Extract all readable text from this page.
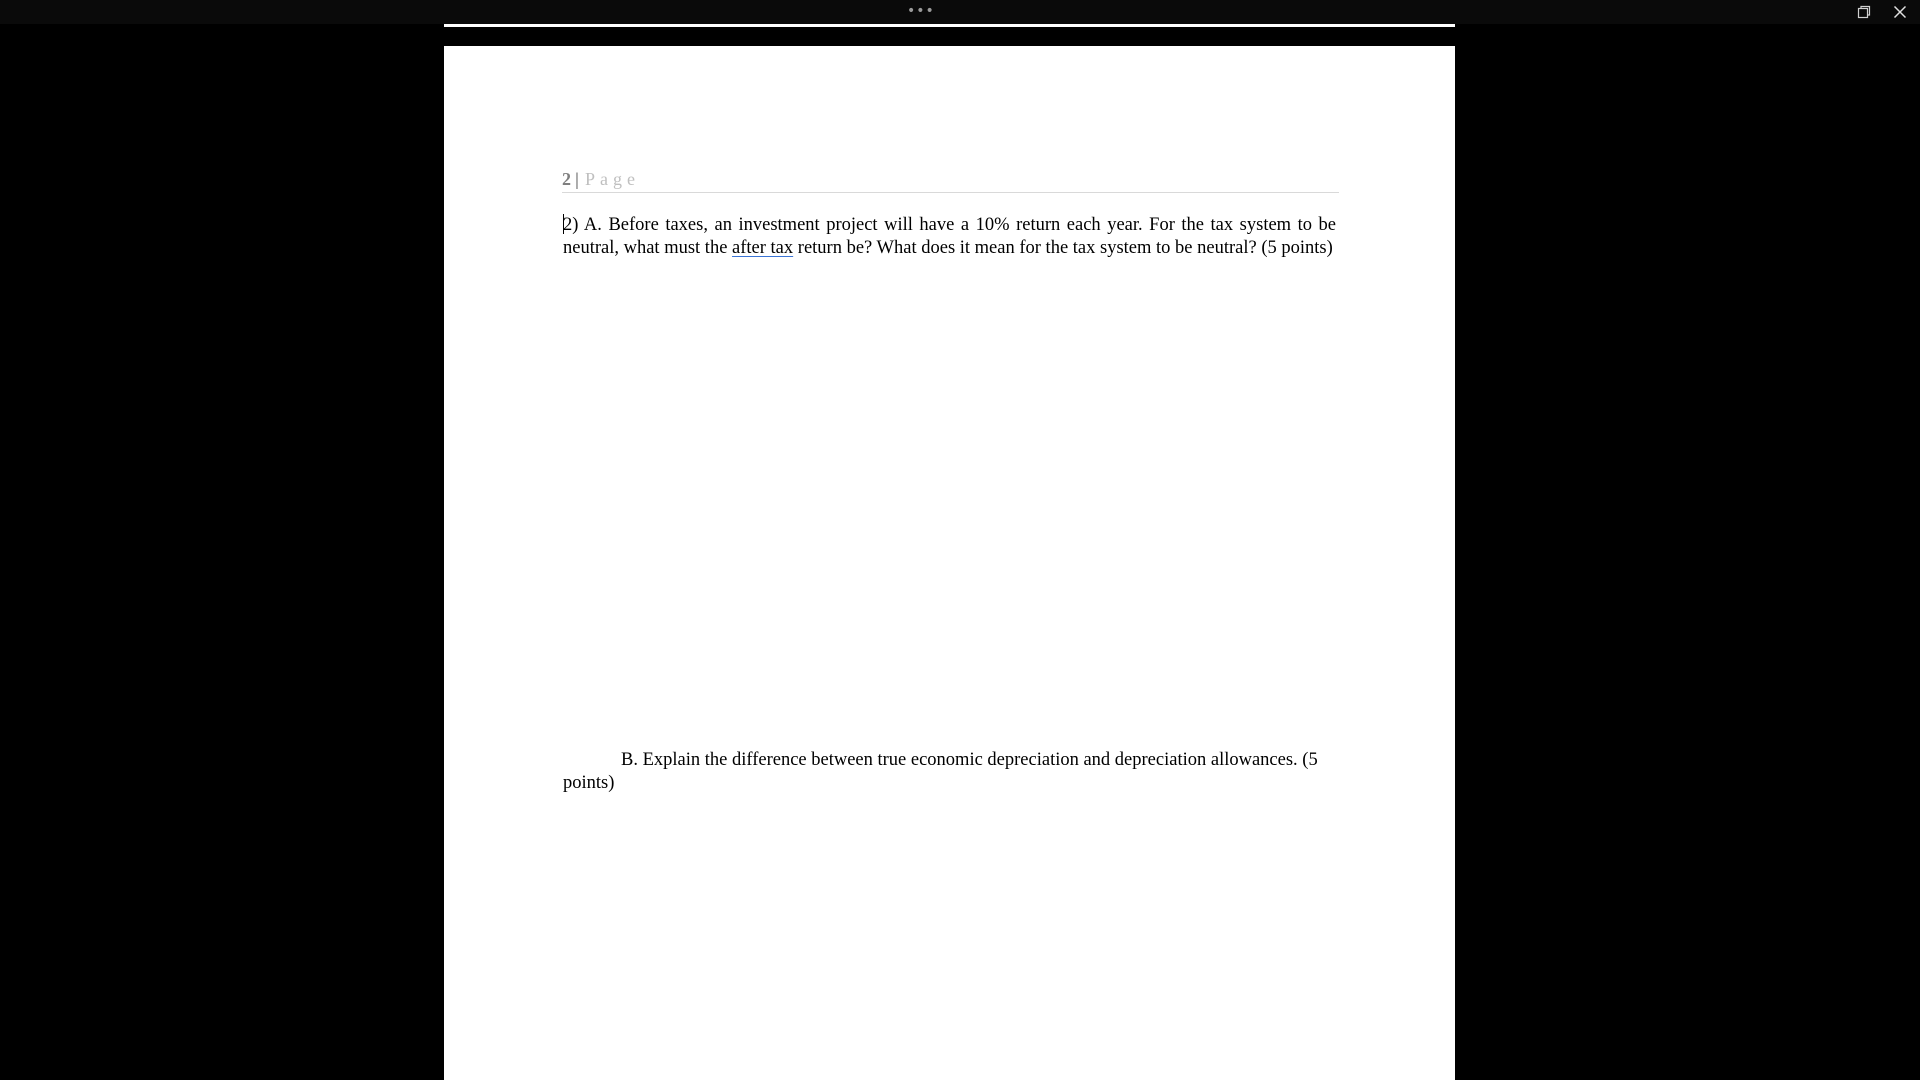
•••
2 | Page
2) A. Before taxes, an investment project will have a 10% return each year. For the tax system to be neutral, what must the after tax return be? What does it mean for the tax system to be neutral? (5 points)
B. Explain the difference between true economic depreciation and depreciation allowances. (5 points)
